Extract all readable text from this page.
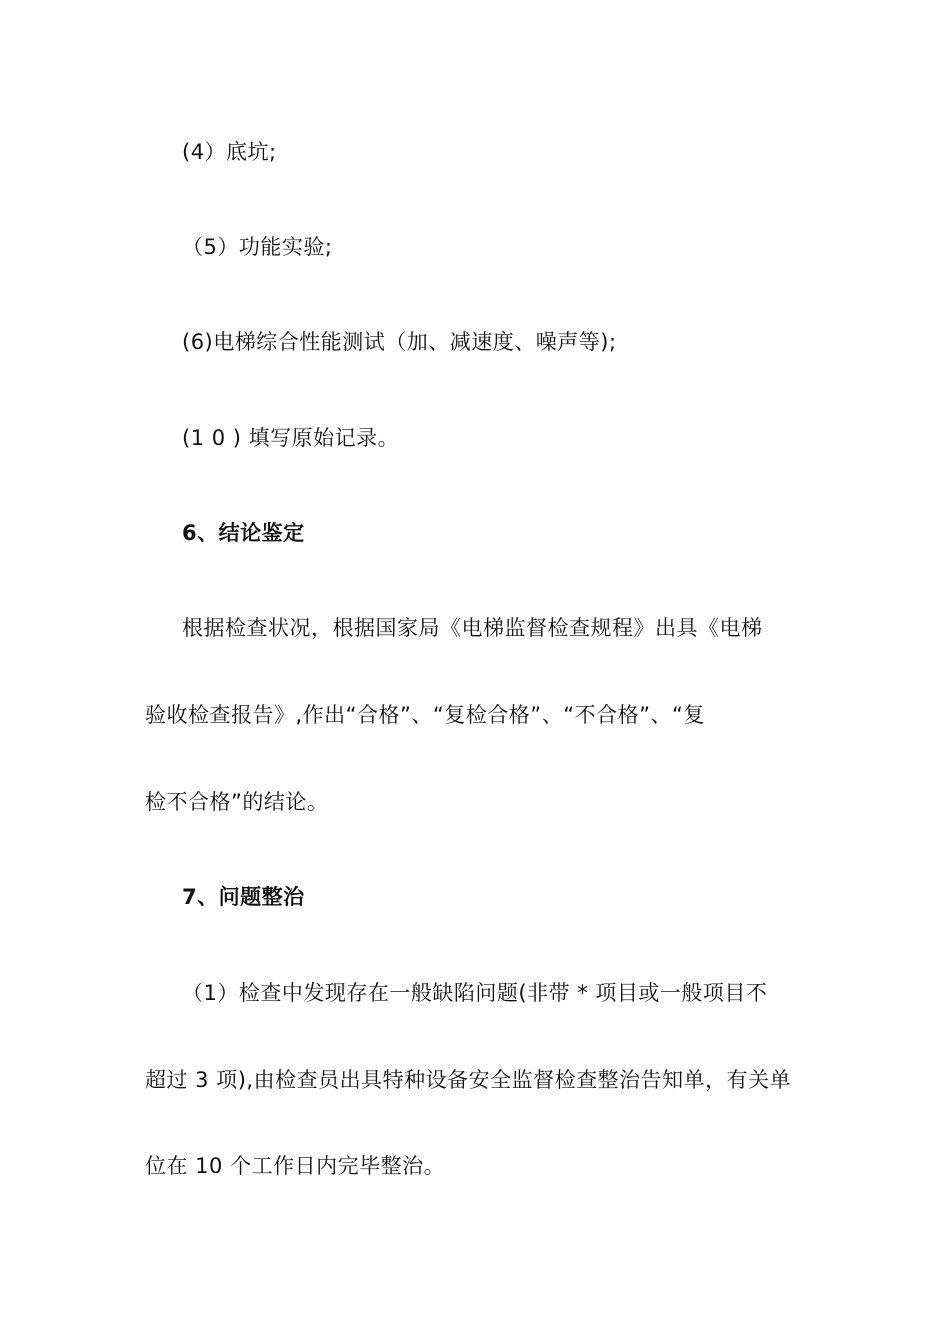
(4）底坑;
（5）功能实验;
(6)电梯综合性能测试（加、减速度、噪声等);
(1 0 ) 填写原始记录。
6、结论鉴定
根据检查状况，根据国家局《电梯监督检查规程》出具《电梯
验收检查报告》,作出“合格”、“复检合格”、“不合格”、“复
检不合格”的结论。
7、问题整治
（1）检查中发现存在一般缺陷问题(非带 * 项目或一般项目不
超过 3 项),由检查员出具特种设备安全监督检查整治告知单，有关单
位在 10 个工作日内完毕整治。
